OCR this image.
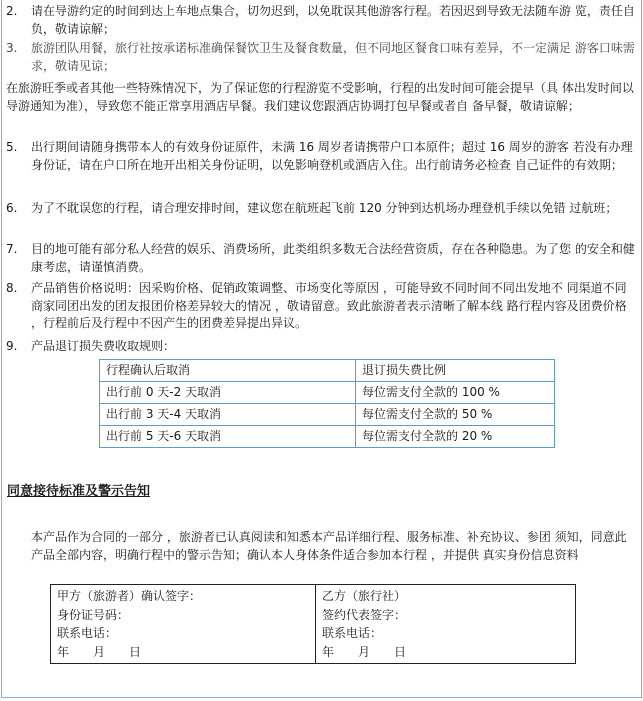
2. 请在导游约定的时间到达上车地点集合，切勿迟到，以免耽误其他游客行程。若因迟到导致无法随车游 览，责任自负，敬请谅解；
3. 旅游团队用餐，旅行社按承诺标准确保餐饮卫生及餐食数量，但不同地区餐食口味有差异，不一定满足 游客口味需求，敬请见谅；
在旅游旺季或者其他一些特殊情况下，为了保证您的行程游览不受影响，行程的出发时间可能会提早（具 体出发时间以导游通知为准），导致您不能正常享用酒店早餐。我们建议您跟酒店协调打包早餐或者自 备早餐，敬请谅解；
5. 出行期间请随身携带本人的有效身份证原件，未满 16 周岁者请携带户口本原件；超过 16 周岁的游客 若没有办理身份证，请在户口所在地开出相关身份证明，以免影响登机或酒店入住。出行前请务必检查 自己证件的有效期；
6. 为了不耽误您的行程，请合理安排时间，建议您在航班起飞前 120 分钟到达机场办理登机手续以免错 过航班；
7. 目的地可能有部分私人经营的娱乐、消费场所，此类组织多数无合法经营资质，存在各种隐患。为了您 的安全和健康考虑，请谨慎消费。
8. 产品销售价格说明：因采购价格、促销政策调整、市场变化等原因 ，可能导致不同时间不同出发地不 同渠道不同商家同团出发的团友报团价格差异较大的情况 ，敬请留意。致此旅游者表示清晰了解本线 路行程内容及团费价格 ，行程前后及行程中不因产生的团费差异提出异议。
9. 产品退订损失费收取规则：
行程确认后取消	退订损失费比例
出行前 0 天-2 天取消	每位需支付全款的 100 %
出行前 3 天-4 天取消	每位需支付全款的 50 %
出行前 5 天-6 天取消	每位需支付全款的 20 %
同意接待标准及警示告知
本产品作为合同的一部分 ，旅游者已认真阅读和知悉本产品详细行程、服务标准、补充协议、参团 须知，同意此产品全部内容，明确行程中的警示告知；确认本人身体条件适合参加本行程 ，并提供 真实身份信息资料
甲方（旅游者）确认签字：
身份证号码：
联系电话：
年　　月　　日

乙方（旅行社）
签约代表签字：
联系电话：
年　　月　　日
